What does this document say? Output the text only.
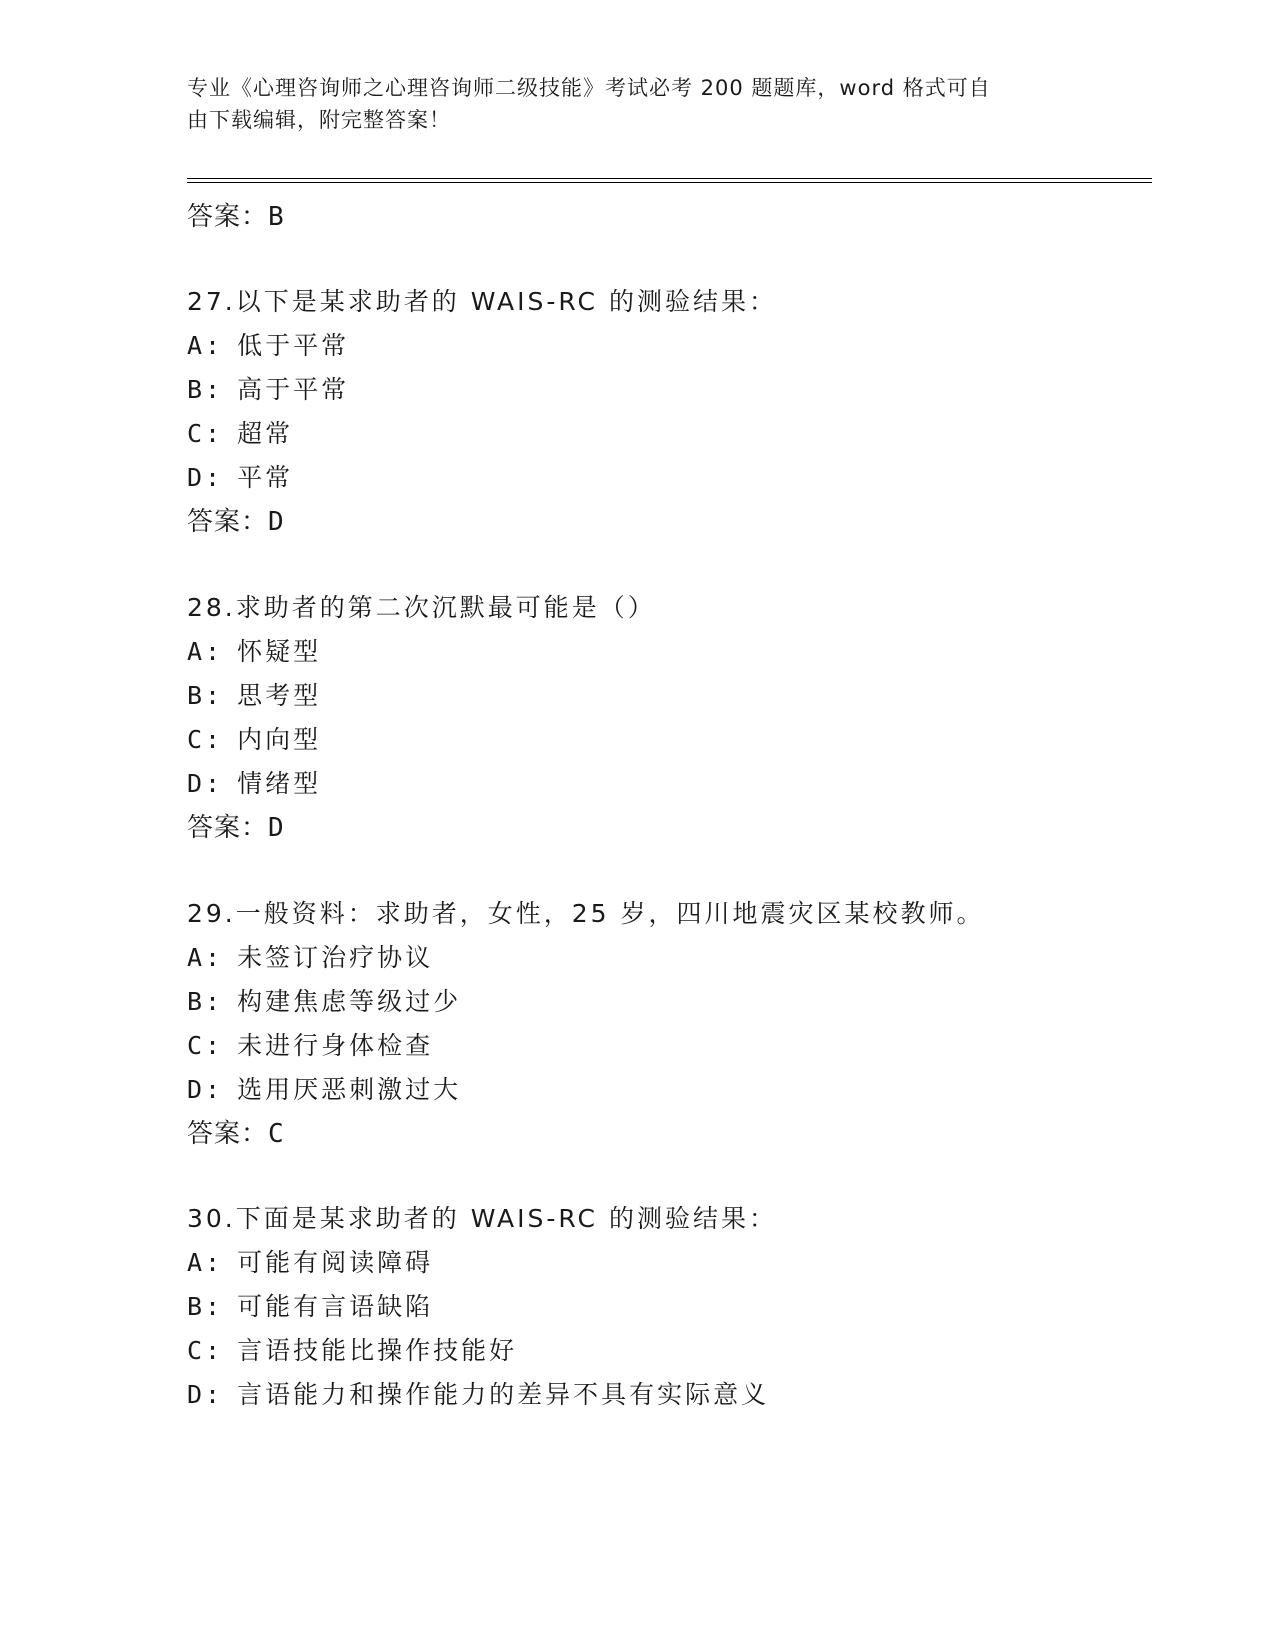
专业《心理咨询师之心理咨询师二级技能》考试必考 200 题题库，word 格式可自
由下载编辑，附完整答案！
答案：B
27.以下是某求助者的 WAIS-RC 的测验结果：
A: 低于平常
B: 高于平常
C: 超常
D: 平常
答案：D
28.求助者的第二次沉默最可能是（）
A: 怀疑型
B: 思考型
C: 内向型
D: 情绪型
答案：D
29.一般资料：求助者，女性，25 岁，四川地震灾区某校教师。
A: 未签订治疗协议
B: 构建焦虑等级过少
C: 未进行身体检查
D: 选用厌恶刺激过大
答案：C
30.下面是某求助者的 WAIS-RC 的测验结果：
A: 可能有阅读障碍
B: 可能有言语缺陷
C: 言语技能比操作技能好
D: 言语能力和操作能力的差异不具有实际意义
